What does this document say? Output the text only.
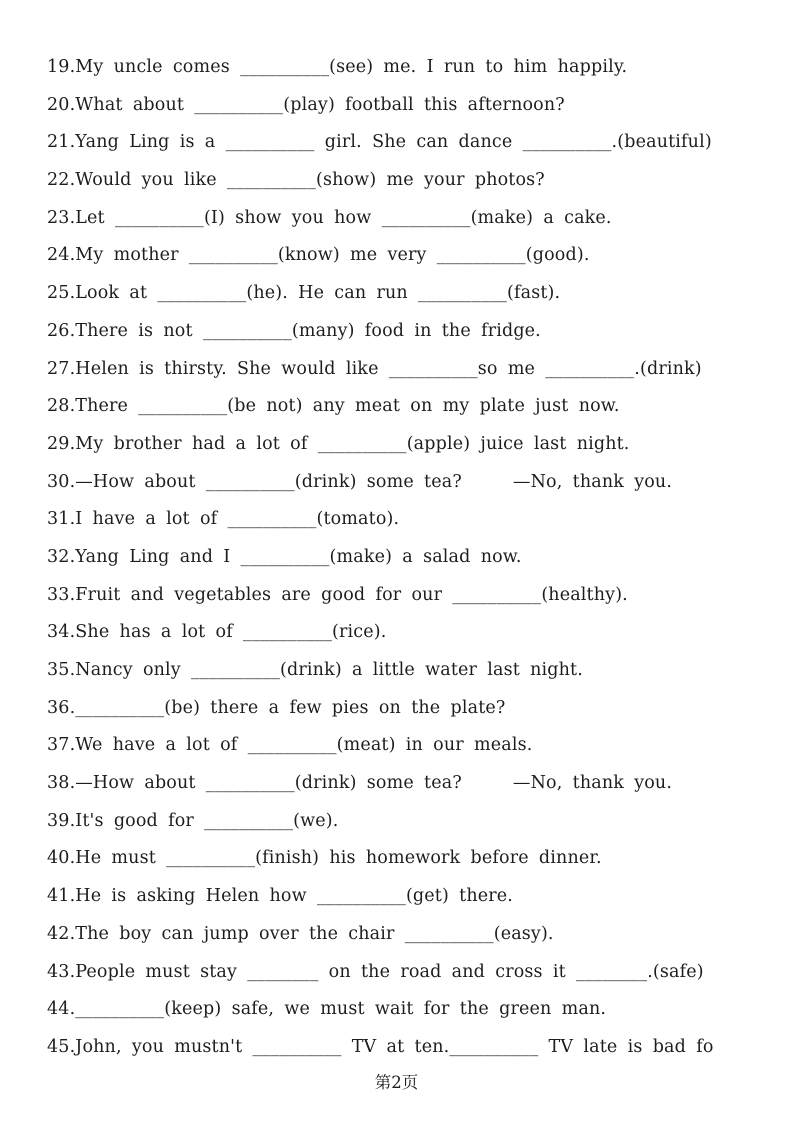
19.My uncle comes __________(see) me. I run to him happily.
20.What about __________(play) football this afternoon?
21.Yang Ling is a __________ girl. She can dance __________.(beautiful)
22.Would you like __________(show) me your photos?
23.Let __________(I) show you how __________(make) a cake.
24.My mother __________(know) me very __________(good).
25.Look at __________(he). He can run __________(fast).
26.There is not __________(many) food in the fridge.
27.Helen is thirsty. She would like __________so me __________.(drink)
28.There __________(be not) any meat on my plate just now.
29.My brother had a lot of __________(apple) juice last night.
30.—How about __________(drink) some tea?     —No, thank you.
31.I have a lot of __________(tomato).
32.Yang Ling and I __________(make) a salad now.
33.Fruit and vegetables are good for our __________(healthy).
34.She has a lot of __________(rice).
35.Nancy only __________(drink) a little water last night.
36.__________(be) there a few pies on the plate?
37.We have a lot of __________(meat) in our meals.
38.—How about __________(drink) some tea?     —No, thank you.
39.It's good for __________(we).
40.He must __________(finish) his homework before dinner.
41.He is asking Helen how __________(get) there.
42.The boy can jump over the chair __________(easy).
43.People must stay ________ on the road and cross it ________.(safe)
44.__________(keep) safe, we must wait for the green man.
45.John, you mustn't __________ TV at ten.__________ TV late is bad fo
第2页
